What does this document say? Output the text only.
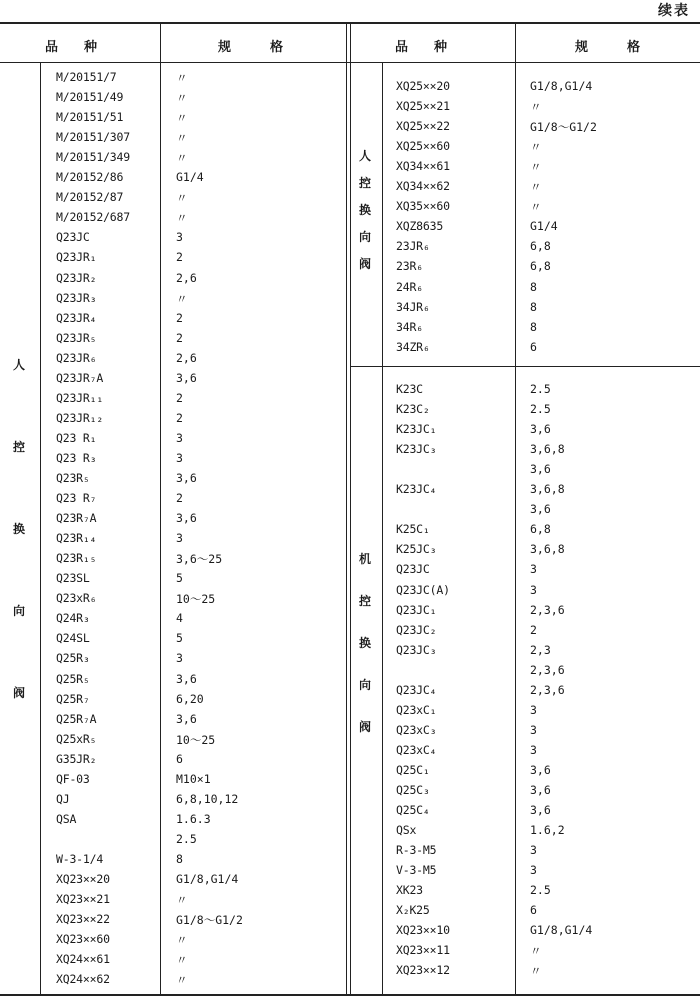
续表
品　　种	规　　　格	品　　种	规　　　格
人
控
换
向
阀
人
控
换
向
阀
机
控
换
向
阀
M/20151/7	〃
M/20151/49	〃
M/20151/51	〃
M/20151/307	〃
M/20151/349	〃
M/20152/86	G1/4
M/20152/87	〃
M/20152/687	〃
Q23JC	3
Q23JR₁	2
Q23JR₂	2,6
Q23JR₃	〃
Q23JR₄	2
Q23JR₅	2
Q23JR₆	2,6
Q23JR₇A	3,6
Q23JR₁₁	2
Q23JR₁₂	2
Q23 R₁	3
Q23 R₃	3
Q23R₅	3,6
Q23 R₇	2
Q23R₇A	3,6
Q23R₁₄	3
Q23R₁₅	3,6～25
Q23SL	5
Q23xR₆	10～25
Q24R₃	4
Q24SL	5
Q25R₃	3
Q25R₅	3,6
Q25R₇	6,20
Q25R₇A	3,6
Q25xR₅	10～25
G35JR₂	6
QF-03	M10×1
QJ	6,8,10,12
QSA	1.6.3
2.5
W-3-1/4	8
XQ23××20	G1/8,G1/4
XQ23××21	〃
XQ23××22	G1/8～G1/2
XQ23××60	〃
XQ24××61	〃
XQ24××62	〃
XQ25××20	G1/8,G1/4
XQ25××21	〃
XQ25××22	G1/8～G1/2
XQ25××60	〃
XQ34××61	〃
XQ34××62	〃
XQ35××60	〃
XQZ8635	G1/4
23JR₆	6,8
23R₆	6,8
24R₆	8
34JR₆	8
34R₆	8
34ZR₆	6
K23C	2.5
K23C₂	2.5
K23JC₁	3,6
K23JC₃	3,6,8
3,6
K23JC₄	3,6,8
3,6
K25C₁	6,8
K25JC₃	3,6,8
Q23JC	3
Q23JC(A)	3
Q23JC₁	2,3,6
Q23JC₂	2
Q23JC₃	2,3
2,3,6
Q23JC₄	2,3,6
Q23xC₁	3
Q23xC₃	3
Q23xC₄	3
Q25C₁	3,6
Q25C₃	3,6
Q25C₄	3,6
QSx	1.6,2
R-3-M5	3
V-3-M5	3
XK23	2.5
X₂K25	6
XQ23××10	G1/8,G1/4
XQ23××11	〃
XQ23××12	〃
